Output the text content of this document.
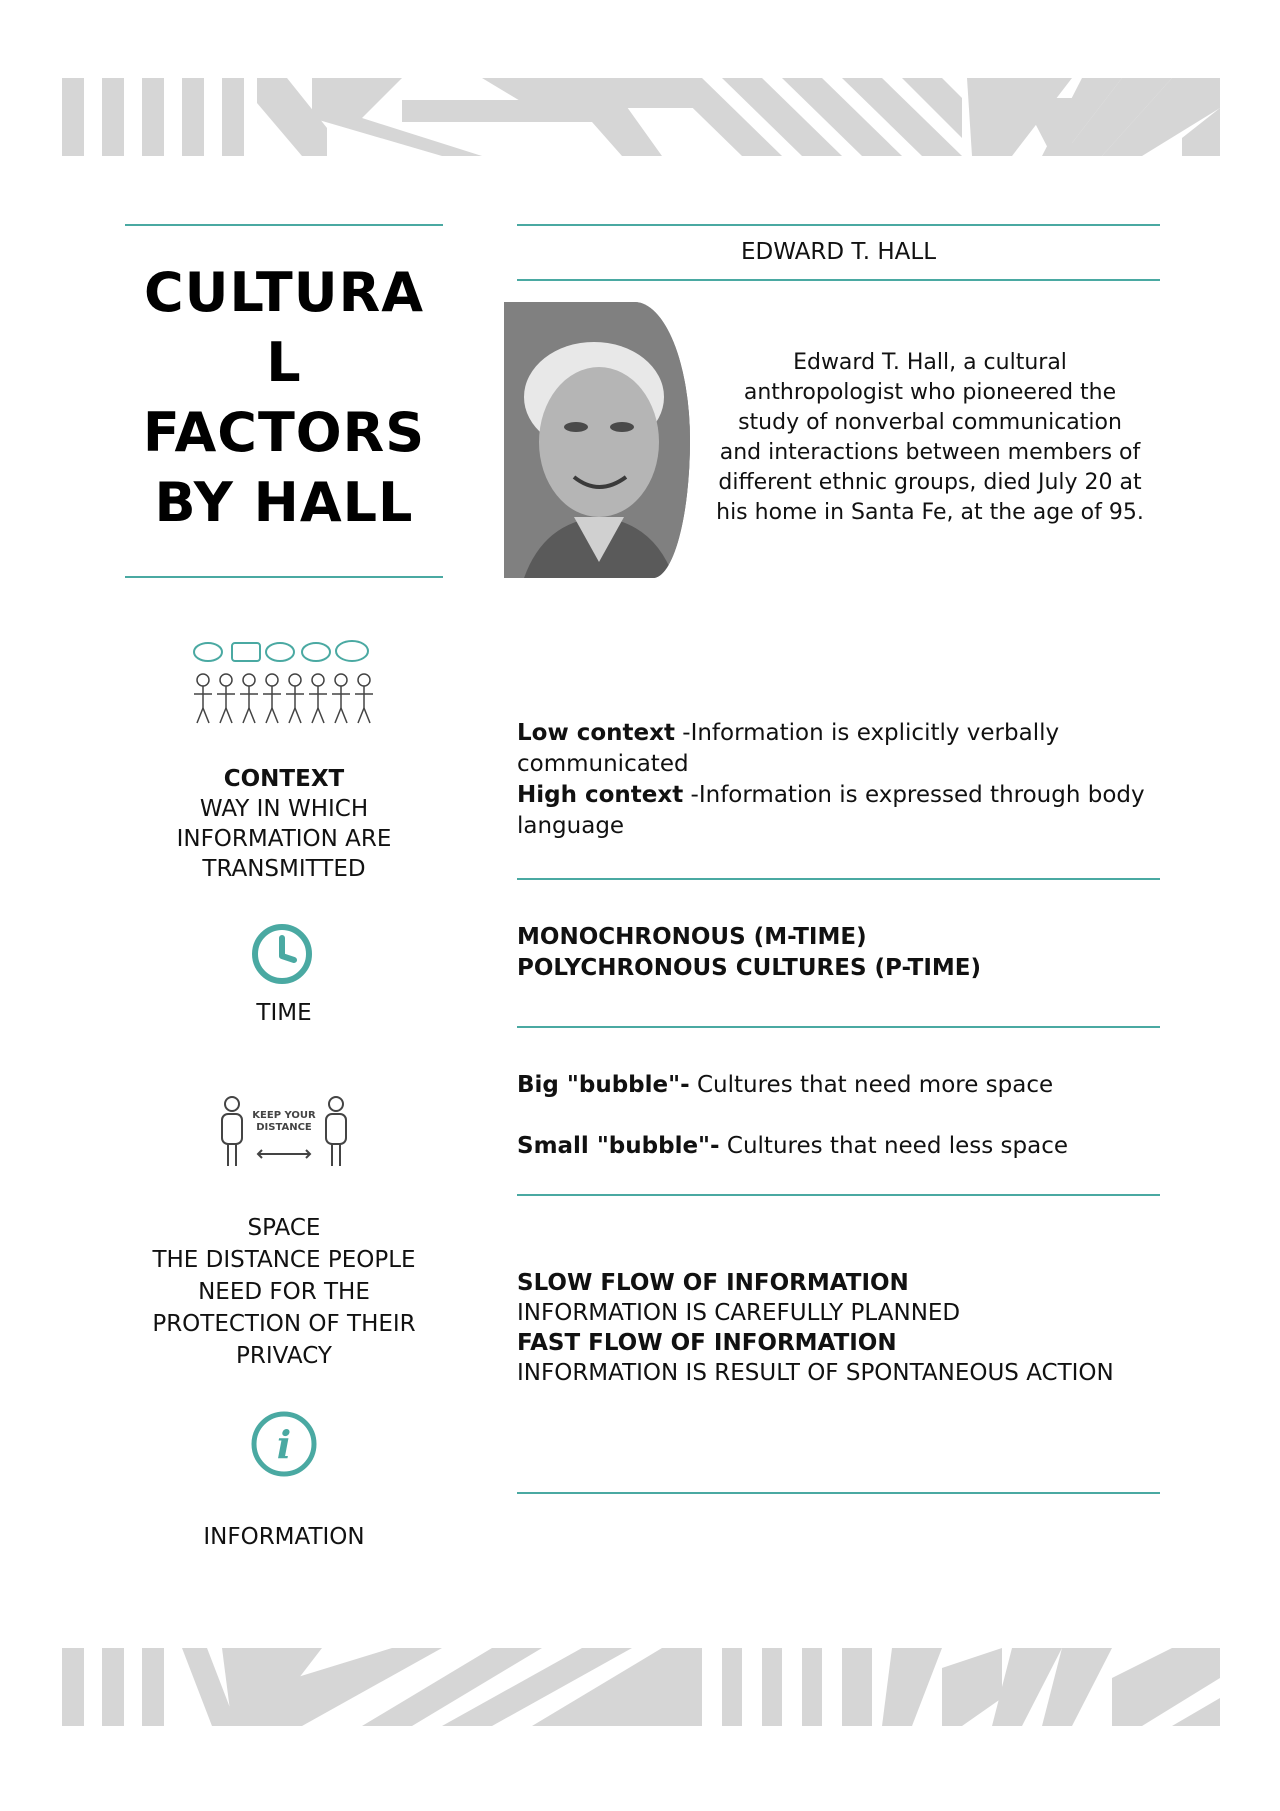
CULTURA
L
FACTORS
BY HALL
EDWARD T. HALL
Edward T. Hall, a cultural anthropologist who pioneered the study of nonverbal communication and interactions between members of different ethnic groups, died July 20 at his home in Santa Fe, at the age of 95.
CONTEXT
WAY IN WHICH
INFORMATION ARE
TRANSMITTED
Low context -Information is explicitly verbally communicated
High context -Information is expressed through body language
TIME
MONOCHRONOUS (M-TIME)
POLYCHRONOUS CULTURES (P-TIME)
KEEP YOUR
DISTANCE
SPACE
THE DISTANCE PEOPLE
NEED FOR THE
PROTECTION OF THEIR
PRIVACY
Big "bubble"- Cultures that need more space
Small "bubble"- Cultures that need less space
i
INFORMATION
SLOW FLOW OF INFORMATION
INFORMATION IS CAREFULLY PLANNED
FAST FLOW OF INFORMATION
INFORMATION IS RESULT OF SPONTANEOUS ACTION
